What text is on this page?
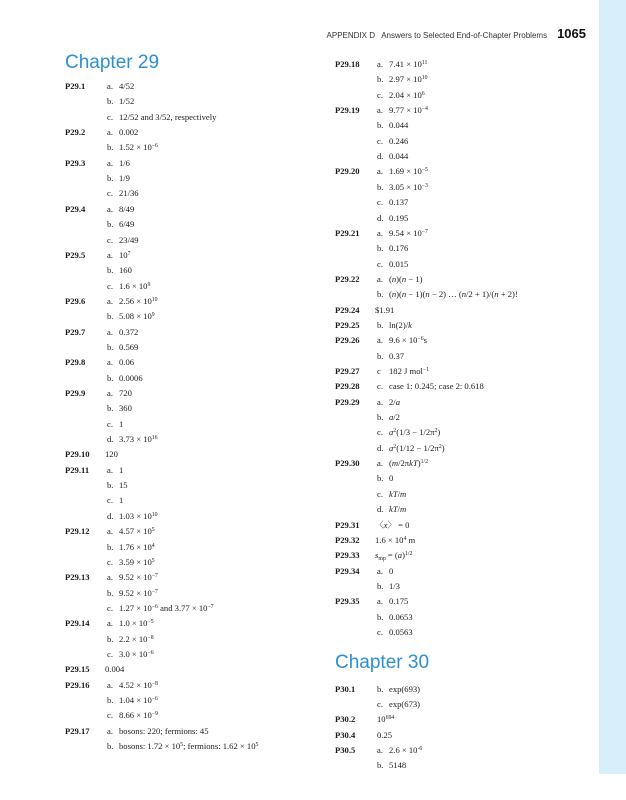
APPENDIX D   Answers to Selected End-of-Chapter Problems 1065
Chapter 29
Chapter 30
P29.1	a. 4/52
b. 1/52
c. 12/52 and 3/52, respectively
P29.2	a. 0.002
b. $1.52 \times 10^{-6}$
P29.3	a. 1/6
b. 1/9
c. 21/36
P29.4	a. 8/49
b. 6/49
c. 23/49
P29.5	a. $10^7$
b. 160
c. $1.6 \times 10^9$
P29.6	a. $2.56 \times 10^{10}$
b. $5.08 \times 10^9$
P29.7	a. 0.372
b. 0.569
P29.8	a. 0.06
b. 0.0006
P29.9	a. 720
b. 360
c. 1
d. $3.73 \times 10^{16}$
P29.10 120
P29.11 a. 1
b. 15
c. 1
d. $1.03 \times 10^{10}$
P29.12 a. $4.57 \times 10^5$
b. $1.76 \times 10^4$
c. $3.59 \times 10^5$
P29.13 a. $9.52 \times 10^{-7}$
b. $9.52 \times 10^{-7}$
c. $1.27 \times 10^{-6}$ and $3.77 \times 10^{-7}$
P29.14 a. $1.0 \times 10^{-5}$
b. $2.2 \times 10^{-8}$
c. $3.0 \times 10^{-6}$
P29.15 0.004
P29.16 a. $4.52 \times 10^{-8}$
b. $1.04 \times 10^{-6}$
c. $8.66 \times 10^{-9}$
P29.17 a. bosons: 220; fermions: 45
b. bosons: $1.72 \times 10^5$; fermions: $1.62 \times 10^5$
P29.18 a. $7.41 \times 10^{11}$
b. $2.97 \times 10^{10}$
c. $2.04 \times 10^6$
P29.19 a. $9.77 \times 10^{-4}$
b. 0.044
c. 0.246
d. 0.044
P29.20 a. $1.69 \times 10^{-5}$
b. $3.05 \times 10^{-3}$
c. 0.137
d. 0.195
P29.21 a. $9.54 \times 10^{-7}$
b. 0.176
c. 0.015
P29.22 a. (n)(n − 1)
b. (n)(n − 1)(n − 2) … (n/2 + 1)/(n + 2)!
P29.24 $1.91
P29.25 b. ln(2)/k
P29.26 a. $9.6 \times 10^{-6}s$
b. 0.37
P29.27 c 182 J mol$^{-1}$
P29.28 c. case 1: 0.245; case 2: 0.618
P29.29 a. 2/a
b. a/2
c. $a^2(1/3 - 1/2\pi^2)$
d. $a^2(1/12 - 1/2\pi^2)$
P29.30 a. $(m/2\pi kT)^{1/2}$
b. 0
c. kT/m
d. kT/m
P29.31 〈x〉 = 0
P29.32 $1.6 \times 10^4$ m
P29.33 $s_{mp} = (a)^{1/2}$
P29.34 a. 0
b. 1/3
P29.35 a. 0.175
b. 0.0653
c. 0.0563
P30.1	b. exp(693)
c. exp(673)
P30.2	$10^{694}$
P30.4	0.25
P30.5	a. $2.6 \times 10^{-6}$
b. 5148
